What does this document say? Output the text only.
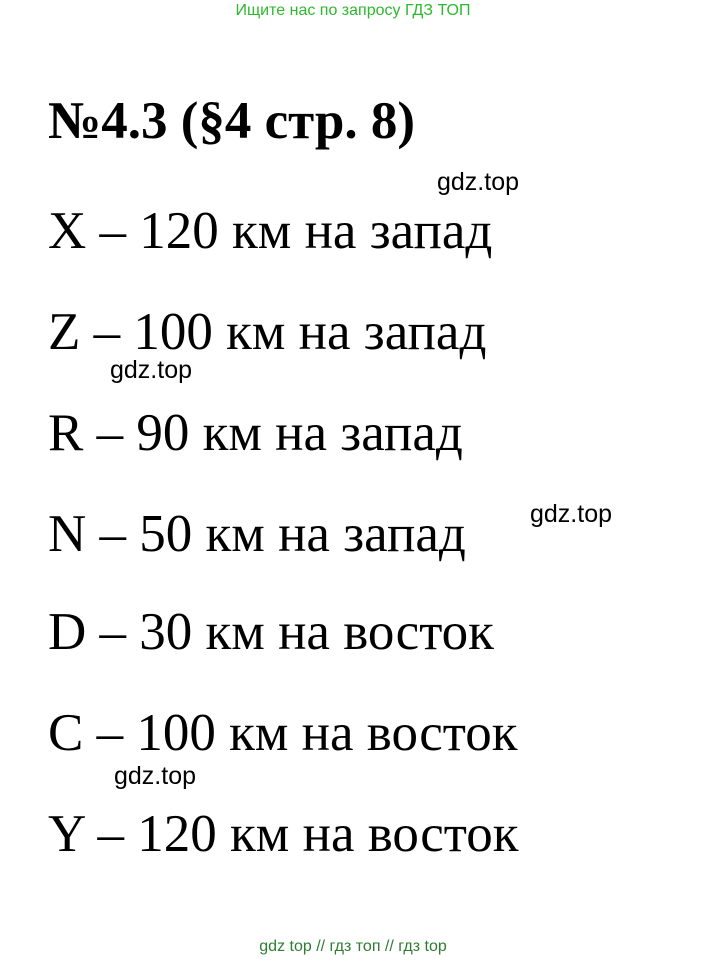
Ищите нас по запросу ГДЗ ТОП
№4.3 (§4 стр. 8)
gdz.top
X – 120 км на запад
Z – 100 км на запад
gdz.top
R – 90 км на запад
gdz.top
N – 50 км на запад
D – 30 км на восток
C – 100 км на восток
gdz.top
Y – 120 км на восток
gdz top // гдз топ // гдз top
